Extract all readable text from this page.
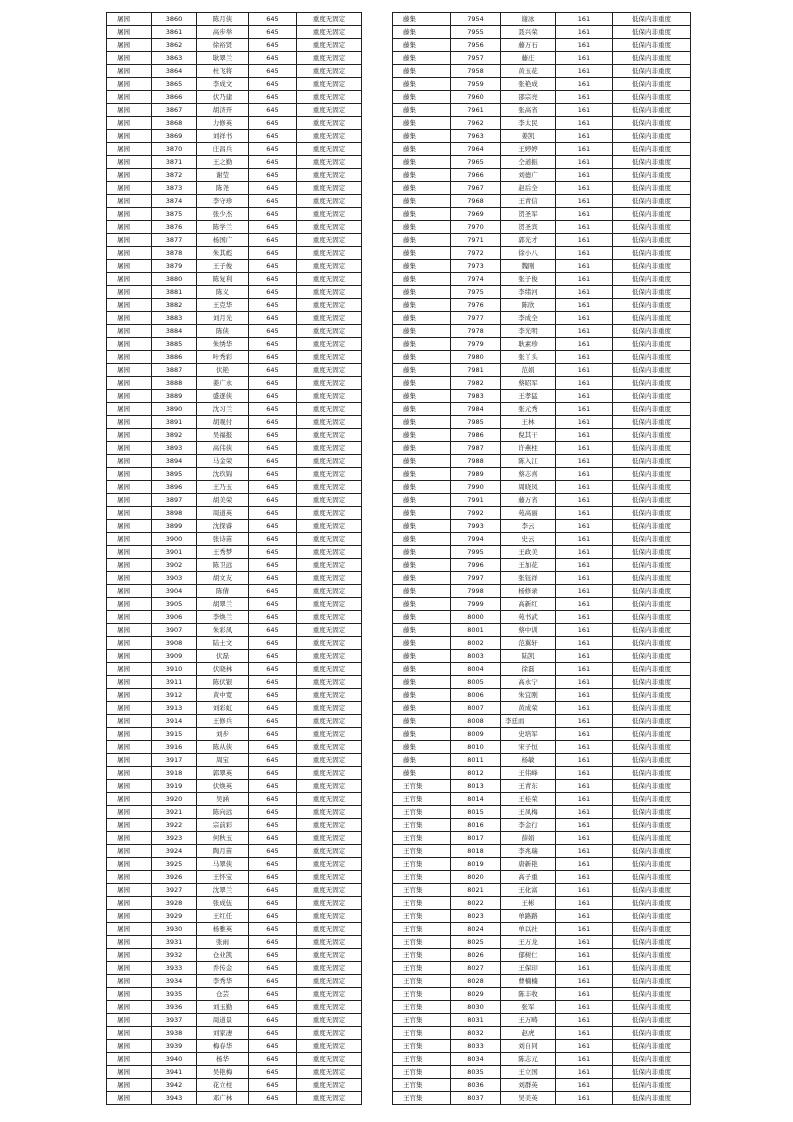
屠园	3860	陈月侠	645	重度无固定
屠园	3861	高步举	645	重度无固定
屠园	3862	徐裕贤	645	重度无固定
屠园	3863	耿翠兰	645	重度无固定
屠园	3864	杜飞将	645	重度无固定
屠园	3865	李成文	645	重度无固定
屠园	3866	伏乃建	645	重度无固定
屠园	3867	胡济开	645	重度无固定
屠园	3868	力修英	645	重度无固定
屠园	3869	刘祥书	645	重度无固定
屠园	3870	庄昌兵	645	重度无固定
屠园	3871	王之勤	645	重度无固定
屠园	3872	谢莹	645	重度无固定
屠园	3873	陈尧	645	重度无固定
屠园	3874	李守珍	645	重度无固定
屠园	3875	张少杰	645	重度无固定
屠园	3876	陈学兰	645	重度无固定
屠园	3877	杨国广	645	重度无固定
屠园	3878	朱其彪	645	重度无固定
屠园	3879	王子俊	645	重度无固定
屠园	3880	陈复利	645	重度无固定
屠园	3881	陈义	645	重度无固定
屠园	3882	王克华	645	重度无固定
屠园	3883	刘月光	645	重度无固定
屠园	3884	陈侠	645	重度无固定
屠园	3885	朱绣华	645	重度无固定
屠园	3886	叶秀彩	645	重度无固定
屠园	3887	伏艳	645	重度无固定
屠园	3888	姜广永	645	重度无固定
屠园	3889	盛逐侠	645	重度无固定
屠园	3890	沈习兰	645	重度无固定
屠园	3891	胡观付	645	重度无固定
屠园	3892	吴福报	645	重度无固定
屠园	3893	高伟侠	645	重度无固定
屠园	3894	马金荣	645	重度无固定
屠园	3895	沈玖锦	645	重度无固定
屠园	3896	王乃玉	645	重度无固定
屠园	3897	胡美荣	645	重度无固定
屠园	3898	周道英	645	重度无固定
屠园	3899	沈探睿	645	重度无固定
屠园	3900	张诗苗	645	重度无固定
屠园	3901	王秀梦	645	重度无固定
屠园	3902	陈卫远	645	重度无固定
屠园	3903	胡文友	645	重度无固定
屠园	3904	陈倩	645	重度无固定
屠园	3905	胡翠兰	645	重度无固定
屠园	3906	李焕兰	645	重度无固定
屠园	3907	朱彩凤	645	重度无固定
屠园	3908	陆士文	645	重度无固定
屠园	3909	伏磊	645	重度无固定
屠园	3910	伏晓林	645	重度无固定
屠园	3911	陈伏银	645	重度无固定
屠园	3912	黄中宽	645	重度无固定
屠园	3913	刘彩虹	645	重度无固定
屠园	3914	王修兵	645	重度无固定
屠园	3915	刘步	645	重度无固定
屠园	3916	陈从侠	645	重度无固定
屠园	3917	周宝	645	重度无固定
屠园	3918	郭翠英	645	重度无固定
屠园	3919	伏焕英	645	重度无固定
屠园	3920	吴涵	645	重度无固定
屠园	3921	陈向远	645	重度无固定
屠园	3922	宗前彩	645	重度无固定
屠园	3923	何秋玉	645	重度无固定
屠园	3924	陶月苗	645	重度无固定
屠园	3925	马翠侠	645	重度无固定
屠园	3926	王怀宝	645	重度无固定
屠园	3927	沈翠兰	645	重度无固定
屠园	3928	张成伍	645	重度无固定
屠园	3929	王红任	645	重度无固定
屠园	3930	杨雅英	645	重度无固定
屠园	3931	张雨	645	重度无固定
屠园	3932	仓业凯	645	重度无固定
屠园	3933	乔传金	645	重度无固定
屠园	3934	李秀华	645	重度无固定
屠园	3935	仓芸	645	重度无固定
屠园	3936	刘玉勤	645	重度无固定
屠园	3937	周道景	645	重度无固定
屠园	3938	刘家凄	645	重度无固定
屠园	3939	梅春华	645	重度无固定
屠园	3940	杨华	645	重度无固定
屠园	3941	吴艳梅	645	重度无固定
屠园	3942	花立柱	645	重度无固定
屠园	3943	邓广林	645	重度无固定
藤集	7954	谢冰	161	低保内非重度
藤集	7955	聂兴荣	161	低保内非重度
藤集	7956	藤万石	161	低保内非重度
藤集	7957	藤庄	161	低保内非重度
藤集	7958	黄玉花	161	低保内非重度
藤集	7959	张艳成	161	低保内非重度
藤集	7960	邵宗亮	161	低保内非重度
藤集	7961	张高省	161	低保内非重度
藤集	7962	李太民	161	低保内非重度
藤集	7963	姜凯	161	低保内非重度
藤集	7964	王婷婷	161	低保内非重度
藤集	7965	仝道振	161	低保内非重度
藤集	7966	刘德广	161	低保内非重度
藤集	7967	赵后全	161	低保内非重度
藤集	7968	王青信	161	低保内非重度
藤集	7969	贺圣军	161	低保内非重度
藤集	7970	贺圣宾	161	低保内非重度
藤集	7971	郭光才	161	低保内非重度
藤集	7972	徐小八	161	低保内非重度
藤集	7973	魏刚	161	低保内非重度
藤集	7974	张子俊	161	低保内非重度
藤集	7975	李绪河	161	低保内非重度
藤集	7976	陈欣	161	低保内非重度
藤集	7977	李成全	161	低保内非重度
藤集	7978	李光明	161	低保内非重度
藤集	7979	耿素珍	161	低保内非重度
藤集	7980	张丫头	161	低保内非重度
藤集	7981	范娟	161	低保内非重度
藤集	7982	蔡昭军	161	低保内非重度
藤集	7983	王孝猛	161	低保内非重度
藤集	7984	张元秀	161	低保内非重度
藤集	7985	王林	161	低保内非重度
藤集	7986	倪其干	161	低保内非重度
藤集	7987	许燕柱	161	低保内非重度
藤集	7988	陈入江	161	低保内非重度
藤集	7989	蔡志喜	161	低保内非重度
藤集	7990	周晓凤	161	低保内非重度
藤集	7991	藤万省	161	低保内非重度
藤集	7992	苑高丽	161	低保内非重度
藤集	7993	李云	161	低保内非重度
藤集	7994	史云	161	低保内非重度
藤集	7995	王政美	161	低保内非重度
藤集	7996	王加花	161	低保内非重度
藤集	7997	张钰祥	161	低保内非重度
藤集	7998	杨修录	161	低保内非重度
藤集	7999	高新红	161	低保内非重度
藤集	8000	苑书武	161	低保内非重度
藤集	8001	蔡中训	161	低保内非重度
藤集	8002	范翼轩	161	低保内非重度
藤集	8003	陆凯	161	低保内非重度
藤集	8004	徐磊	161	低保内非重度
藤集	8005	高永宁	161	低保内非重度
藤集	8006	朱宜刚	161	低保内非重度
藤集	8007	黄成荣	161	低保内非重度
藤集	8008	李廷而	161	低保内非重度
藤集	8009	史培军	161	低保内非重度
藤集	8010	宋子恒	161	低保内非重度
藤集	8011	杨敏	161	低保内非重度
藤集	8012	王伟峰	161	低保内非重度
王官集	8013	王青东	161	低保内非重度
王官集	8014	王桂荣	161	低保内非重度
王官集	8015	王凤梅	161	低保内非重度
王官集	8016	李金行	161	低保内非重度
王官集	8017	薛娟	161	低保内非重度
王官集	8018	李兆瑞	161	低保内非重度
王官集	8019	唐新艳	161	低保内非重度
王官集	8020	高子重	161	低保内非重度
王官集	8021	王化富	161	低保内非重度
王官集	8022	王彬	161	低保内非重度
王官集	8023	单路路	161	低保内非重度
王官集	8024	单以社	161	低保内非重度
王官集	8025	王万龙	161	低保内非重度
王官集	8026	郁树仁	161	低保内非重度
王官集	8027	王保印	161	低保内非重度
王官集	8028	曹楠楠	161	低保内非重度
王官集	8029	陈丰收	161	低保内非重度
王官集	8030	张军	161	低保内非重度
王官集	8031	王万畴	161	低保内非重度
王官集	8032	赵虎	161	低保内非重度
王官集	8033	刘自同	161	低保内非重度
王官集	8034	陈志元	161	低保内非重度
王官集	8035	王立国	161	低保内非重度
王官集	8036	刘群英	161	低保内非重度
王官集	8037	吴美英	161	低保内非重度
